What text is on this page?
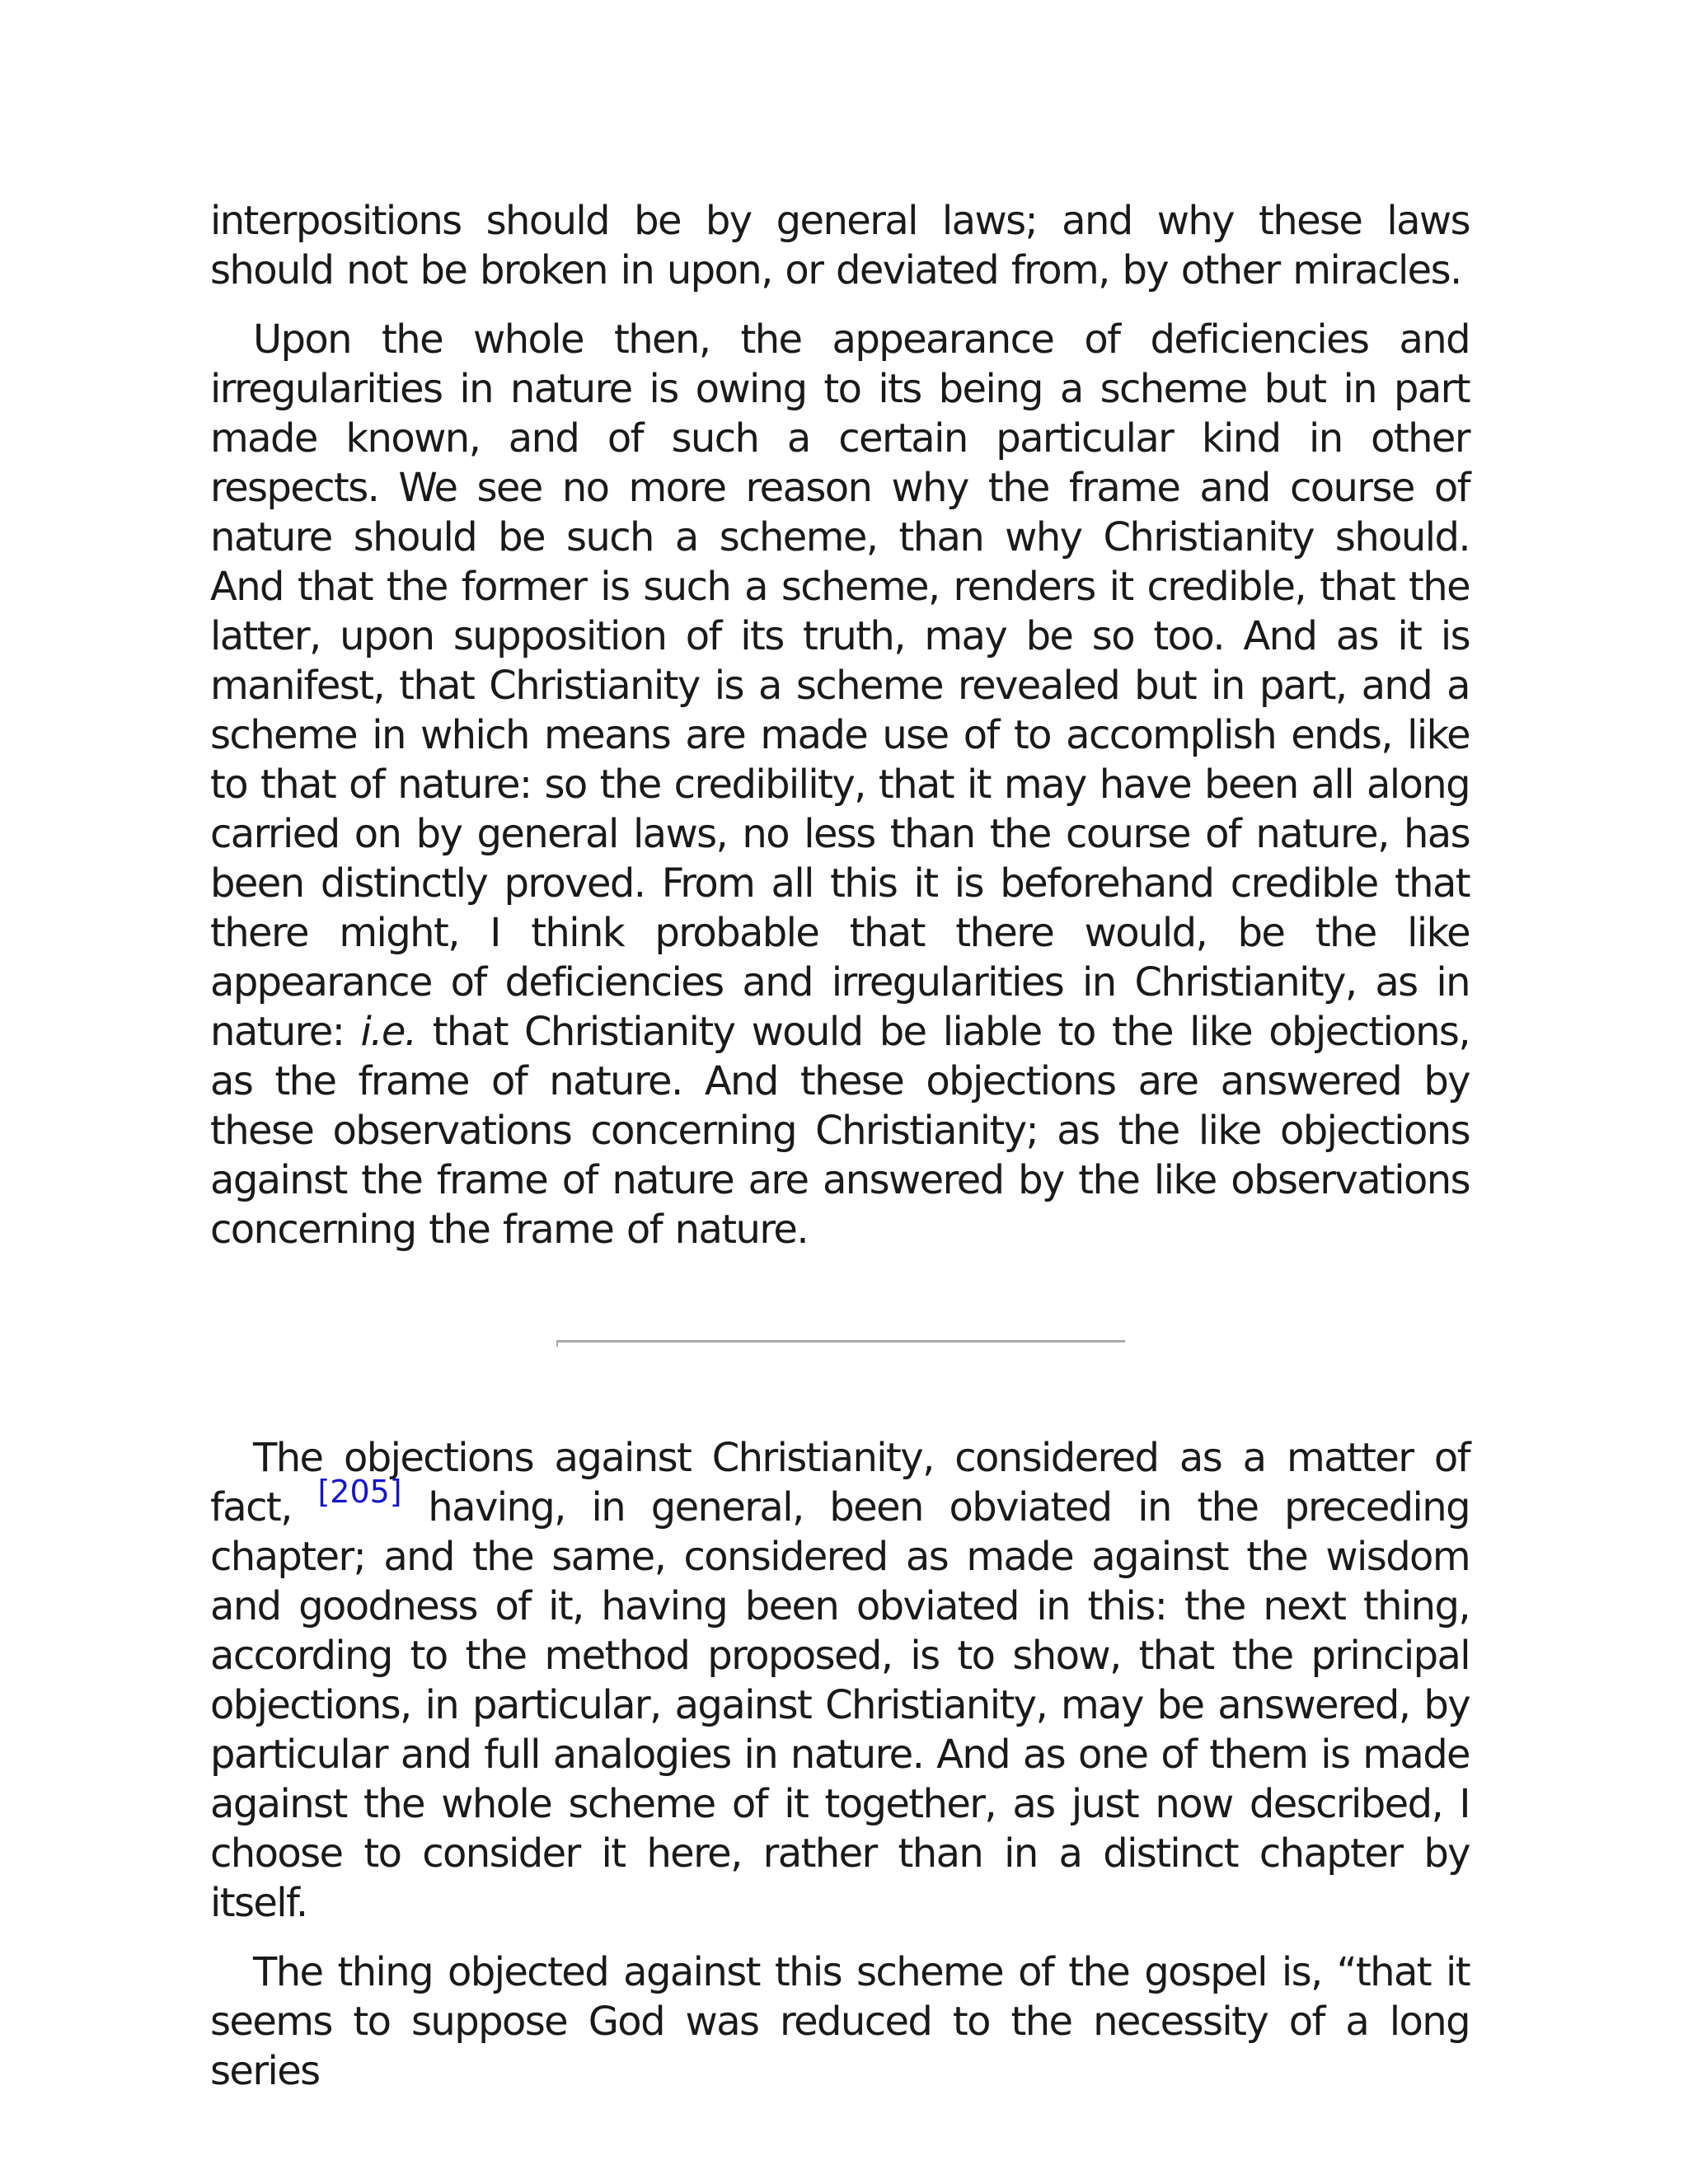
interpositions should be by general laws; and why these laws should not be broken in upon, or deviated from, by other miracles.

Upon the whole then, the appearance of deficiencies and irregularities in nature is owing to its being a scheme but in part made known, and of such a certain particular kind in other respects. We see no more reason why the frame and course of nature should be such a scheme, than why Christianity should. And that the former is such a scheme, renders it credible, that the latter, upon supposition of its truth, may be so too. And as it is manifest, that Christianity is a scheme revealed but in part, and a scheme in which means are made use of to accomplish ends, like to that of nature: so the credibility, that it may have been all along carried on by general laws, no less than the course of nature, has been distinctly proved. From all this it is beforehand credible that there might, I think probable that there would, be the like appearance of deficiencies and irregularities in Christianity, as in nature: i.e. that Christianity would be liable to the like objections, as the frame of nature. And these objections are answered by these observations concerning Christianity; as the like objections against the frame of nature are answered by the like observations concerning the frame of nature.

The objections against Christianity, considered as a matter of fact, [205] having, in general, been obviated in the preceding chapter; and the same, considered as made against the wisdom and goodness of it, having been obviated in this: the next thing, according to the method proposed, is to show, that the principal objections, in particular, against Christianity, may be answered, by particular and full analogies in nature. And as one of them is made against the whole scheme of it together, as just now described, I choose to consider it here, rather than in a distinct chapter by itself.

The thing objected against this scheme of the gospel is, “that it seems to suppose God was reduced to the necessity of a long series
